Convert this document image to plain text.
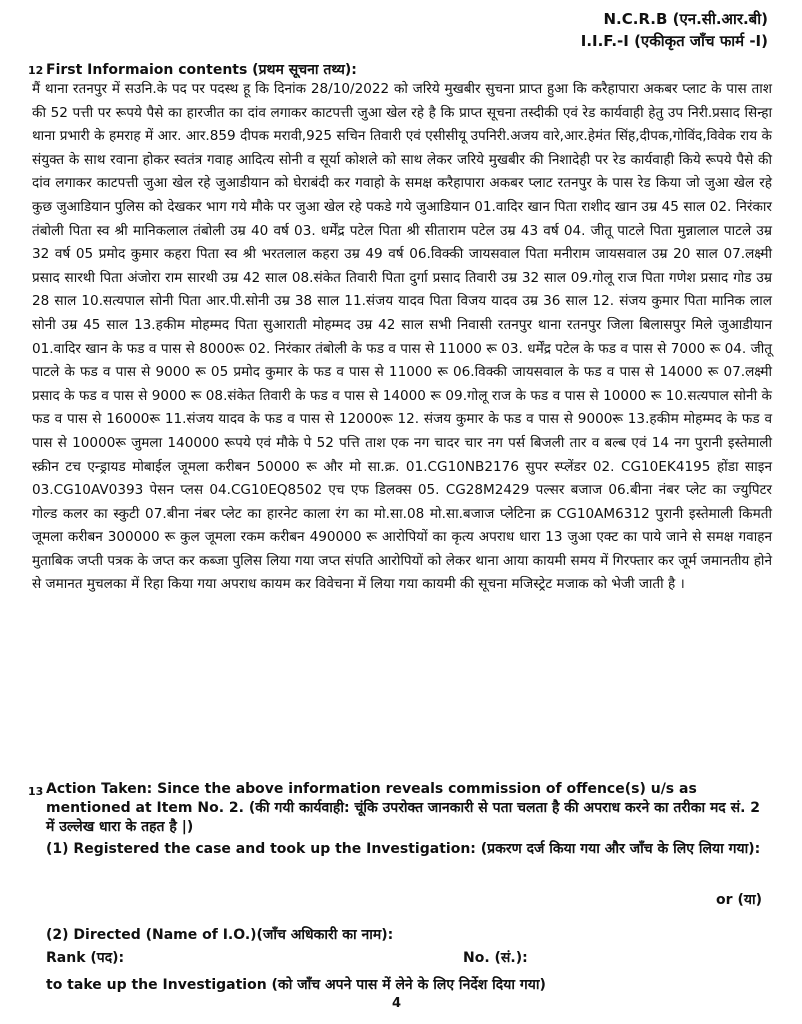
N.C.R.B (एन.सी.आर.बी)
I.I.F.-I (एकीकृत जाँच फार्म -I)
12 First Informaion contents (प्रथम सूचना तथ्य):
मैं थाना रतनपुर में सउनि.के पद पर पदस्थ हू कि दिनांक 28/10/2022 को जरिये मुखबीर सुचना प्राप्त हुआ कि करैहापारा अकबर प्लाट के पास ताश की 52 पत्ती पर रूपये पैसे का हारजीत का दांव लगाकर काटपत्ती जुआ खेल रहे है कि प्राप्त सूचना तस्दीकी एवं रेड कार्यवाही हेतु उप निरी.प्रसाद सिन्हा थाना प्रभारी के हमराह में आर. आर.859 दीपक मरावी,925 सचिन तिवारी एवं एसीसीयू उपनिरी.अजय वारे,आर.हेमंत सिंह,दीपक,गोविंद,विवेक राय के संयुक्त के साथ रवाना होकर स्वतंत्र गवाह आदित्य सोनी व सूर्या कोशले को साथ लेकर जरिये मुखबीर की निशादेही पर रेड कार्यवाही किये रूपये पैसे की दांव लगाकर काटपत्ती जुआ खेल रहे जुआडीयान को घेराबंदी कर गवाहो के समक्ष करैहापारा अकबर प्लाट रतनपुर के पास रेड किया जो जुआ खेल रहे कुछ जुआडियान पुलिस को देखकर भाग गये मौके पर जुआ खेल रहे पकडे गये जुआडियान 01.वादिर खान पिता राशीद खान उम्र 45 साल 02. निरंकार तंबोली पिता स्व श्री मानिकलाल तंबोली उम्र 40 वर्ष 03. धर्मेंद्र पटेल पिता श्री सीताराम पटेल उम्र 43 वर्ष 04. जीतू पाटले पिता मुन्नालाल पाटले उम्र 32 वर्ष 05 प्रमोद कुमार कहरा पिता स्व श्री भरतलाल कहरा उम्र 49 वर्ष 06.विक्की जायसवाल पिता मनीराम जायसवाल उम्र 20 साल 07.लक्ष्मी प्रसाद सारथी पिता अंजोरा राम सारथी उम्र 42 साल 08.संकेत तिवारी पिता दुर्गा प्रसाद तिवारी उम्र 32 साल 09.गोलू राज पिता गणेश प्रसाद गोड उम्र 28 साल 10.सत्यपाल सोनी पिता आर.पी.सोनी उम्र 38 साल 11.संजय यादव पिता विजय यादव उम्र 36 साल 12. संजय कुमार पिता मानिक लाल सोनी उम्र 45 साल 13.हकीम मोहम्मद पिता सुआराती मोहम्मद उम्र 42 साल सभी निवासी रतनपुर थाना रतनपुर जिला बिलासपुर मिले जुआडीयान 01.वादिर खान के फड व पास से 8000रू 02. निरंकार तंबोली के फड व पास से 11000 रू 03. धर्मेंद्र पटेल के फड व पास से 7000 रू 04. जीतू पाटले के फड व पास से 9000 रू 05 प्रमोद कुमार के फड व पास से 11000 रू 06.विक्की जायसवाल के फड व पास से 14000 रू 07.लक्ष्मी प्रसाद के फड व पास से 9000 रू 08.संकेत तिवारी के फड व पास से 14000 रू 09.गोलू राज के फड व पास से 10000 रू 10.सत्यपाल सोनी के फड व पास से 16000रू 11.संजय यादव के फड व पास से 12000रू 12. संजय कुमार के फड व पास से 9000रू 13.हकीम मोहम्मद के फड व पास से 10000रू जुमला 140000 रूपये एवं मौके पे 52 पत्ति ताश एक नग चादर चार नग पर्स बिजली तार व बल्ब एवं 14 नग पुरानी इस्तेमाली स्क्रीन टच एन्ड्रायड मोबाईल जूमला करीबन 50000 रू और मो सा.क्र. 01.CG10NB2176 सुपर स्प्लेंडर 02. CG10EK4195 होंडा साइन 03.CG10AV0393 पेसन प्लस 04.CG10EQ8502 एच एफ डिलक्स 05. CG28M2429 पल्सर बजाज 06.बीना नंबर प्लेट का ज्युपिटर गोल्ड कलर का स्कुटी 07.बीना नंबर प्लेट का हारनेट काला रंग का मो.सा.08 मो.सा.बजाज प्लेटिना क्र CG10AM6312 पुरानी इस्तेमाली किमती जूमला करीबन 300000 रू कुल जूमला रकम करीबन 490000 रू आरोपियों का कृत्य अपराध धारा 13 जुआ एक्ट का पाये जाने से समक्ष गवाहन मुताबिक जप्ती पत्रक के जप्त कर कब्जा पुलिस लिया गया जप्त संपति आरोपियों को लेकर थाना आया कायमी समय में गिरफ्तार कर जूर्म जमानतीय होने से जमानत मुचलका में रिहा किया गया अपराध कायम कर विवेचना में लिया गया कायमी की सूचना मजिस्ट्रेट मजाक को भेजी जाती है ।
13 Action Taken: Since the above information reveals commission of offence(s) u/s as mentioned at Item No. 2. (की गयी कार्यवाही: चूंकि उपरोक्त जानकारी से पता चलता है की अपराध करने का तरीका मद सं. 2 में उल्लेख धारा के तहत है |)
(1) Registered the case and took up the Investigation: (प्रकरण दर्ज किया गया और जाँच के लिए लिया गया):
or (या)
(2) Directed (Name of I.O.)(जाँच अधिकारी का नाम):
Rank (पद):	No. (सं.):
to take up the Investigation (को जाँच अपने पास में लेने के लिए निर्देश दिया गया)
4
